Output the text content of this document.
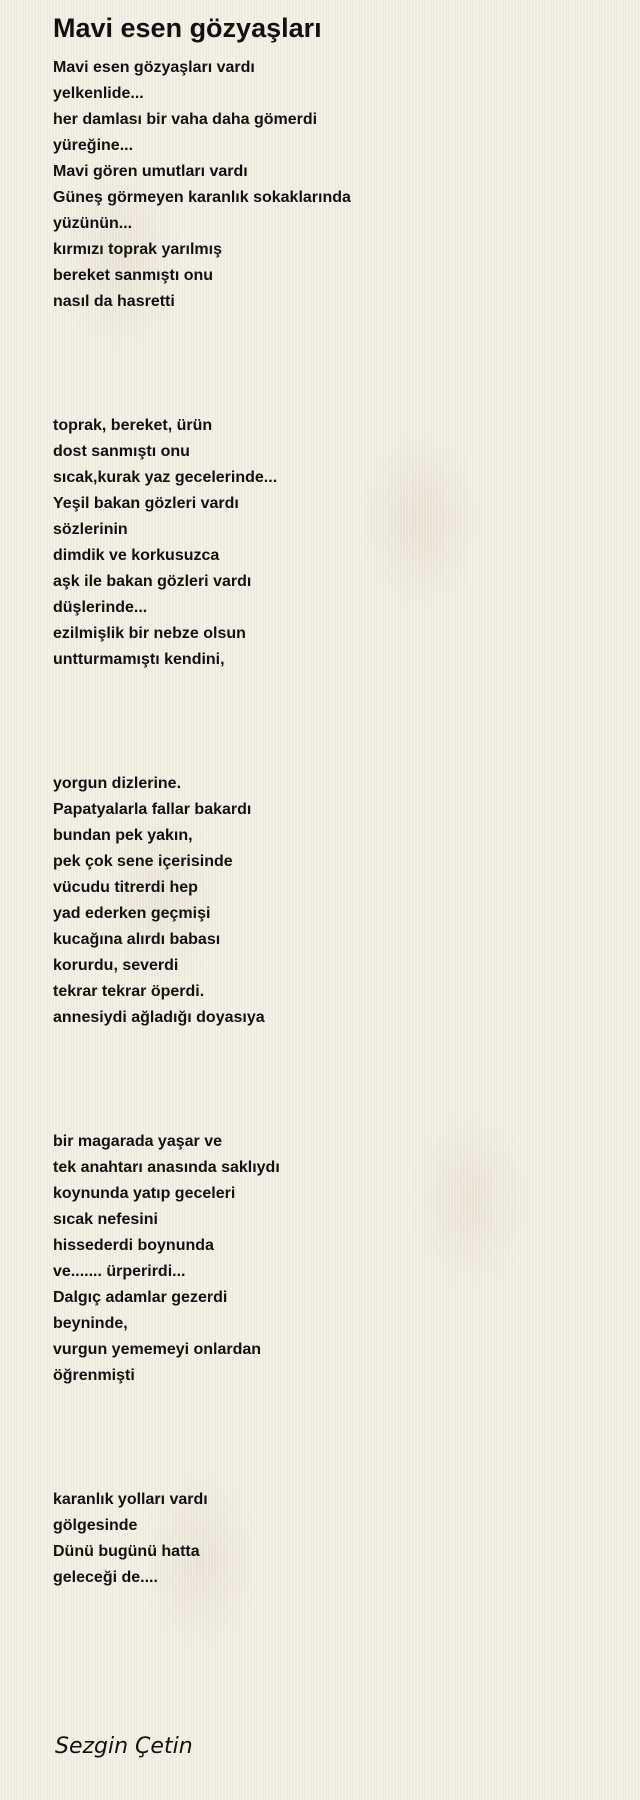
Mavi esen gözyaşları
Mavi esen gözyaşları vardı
yelkenlide...
her damlası bir vaha daha gömerdi
yüreğine...
Mavi gören umutları vardı
Güneş görmeyen karanlık sokaklarında
yüzünün...
kırmızı toprak yarılmış
bereket sanmıştı onu
nasıl da hasretti
toprak, bereket, ürün
dost sanmıştı onu
sıcak,kurak yaz gecelerinde...
Yeşil bakan gözleri vardı
sözlerinin
dimdik ve korkusuzca
aşk ile bakan gözleri vardı
düşlerinde...
ezilmişlik bir nebze olsun
untturmamıştı kendini,
yorgun dizlerine.
Papatyalarla fallar bakardı
bundan pek yakın,
pek çok sene içerisinde
vücudu titrerdi hep
yad ederken geçmişi
kucağına alırdı babası
korurdu, severdi
tekrar tekrar öperdi.
annesiydi ağladığı doyasıya
bir magarada yaşar ve
tek anahtarı anasında saklıydı
koynunda yatıp geceleri
sıcak nefesini
hissederdi boynunda
ve....... ürperirdi...
Dalgıç adamlar gezerdi
beyninde,
vurgun yememeyi onlardan
öğrenmişti
karanlık yolları vardı
gölgesinde
Dünü bugünü hatta
geleceği de....
Sezgin Çetin
